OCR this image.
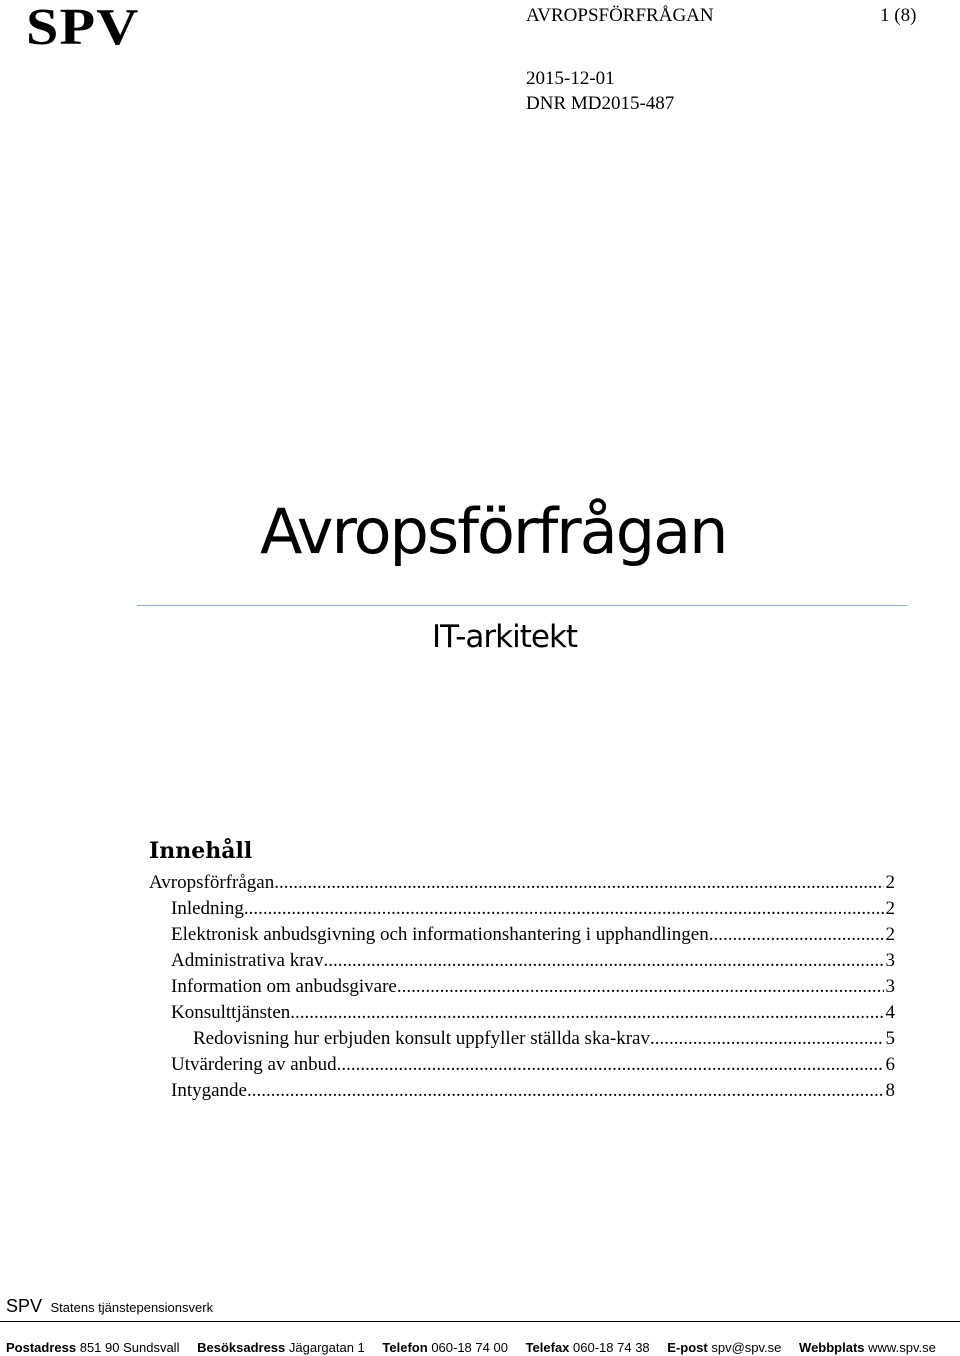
SPV	AVROPSFÖRFRÅGAN	1 (8)
2015-12-01
DNR MD2015-487
Avropsförfrågan
IT-arkitekt
Innehåll
Avropsförfrågan .....	2
Inledning .....	2
Elektronisk anbudsgivning och informationshantering i upphandlingen .....	2
Administrativa krav .....	3
Information om anbudsgivare .....	3
Konsulttjänsten .....	4
Redovisning hur erbjuden konsult uppfyller ställda ska-krav .....	5
Utvärdering av anbud .....	6
Intygande .....	8
SPV Statens tjänstepensionsverk
Postadress 851 90 Sundsvall Besöksadress Jägargatan 1 Telefon 060-18 74 00 Telefax 060-18 74 38 E-post spv@spv.se Webbplats www.spv.se
